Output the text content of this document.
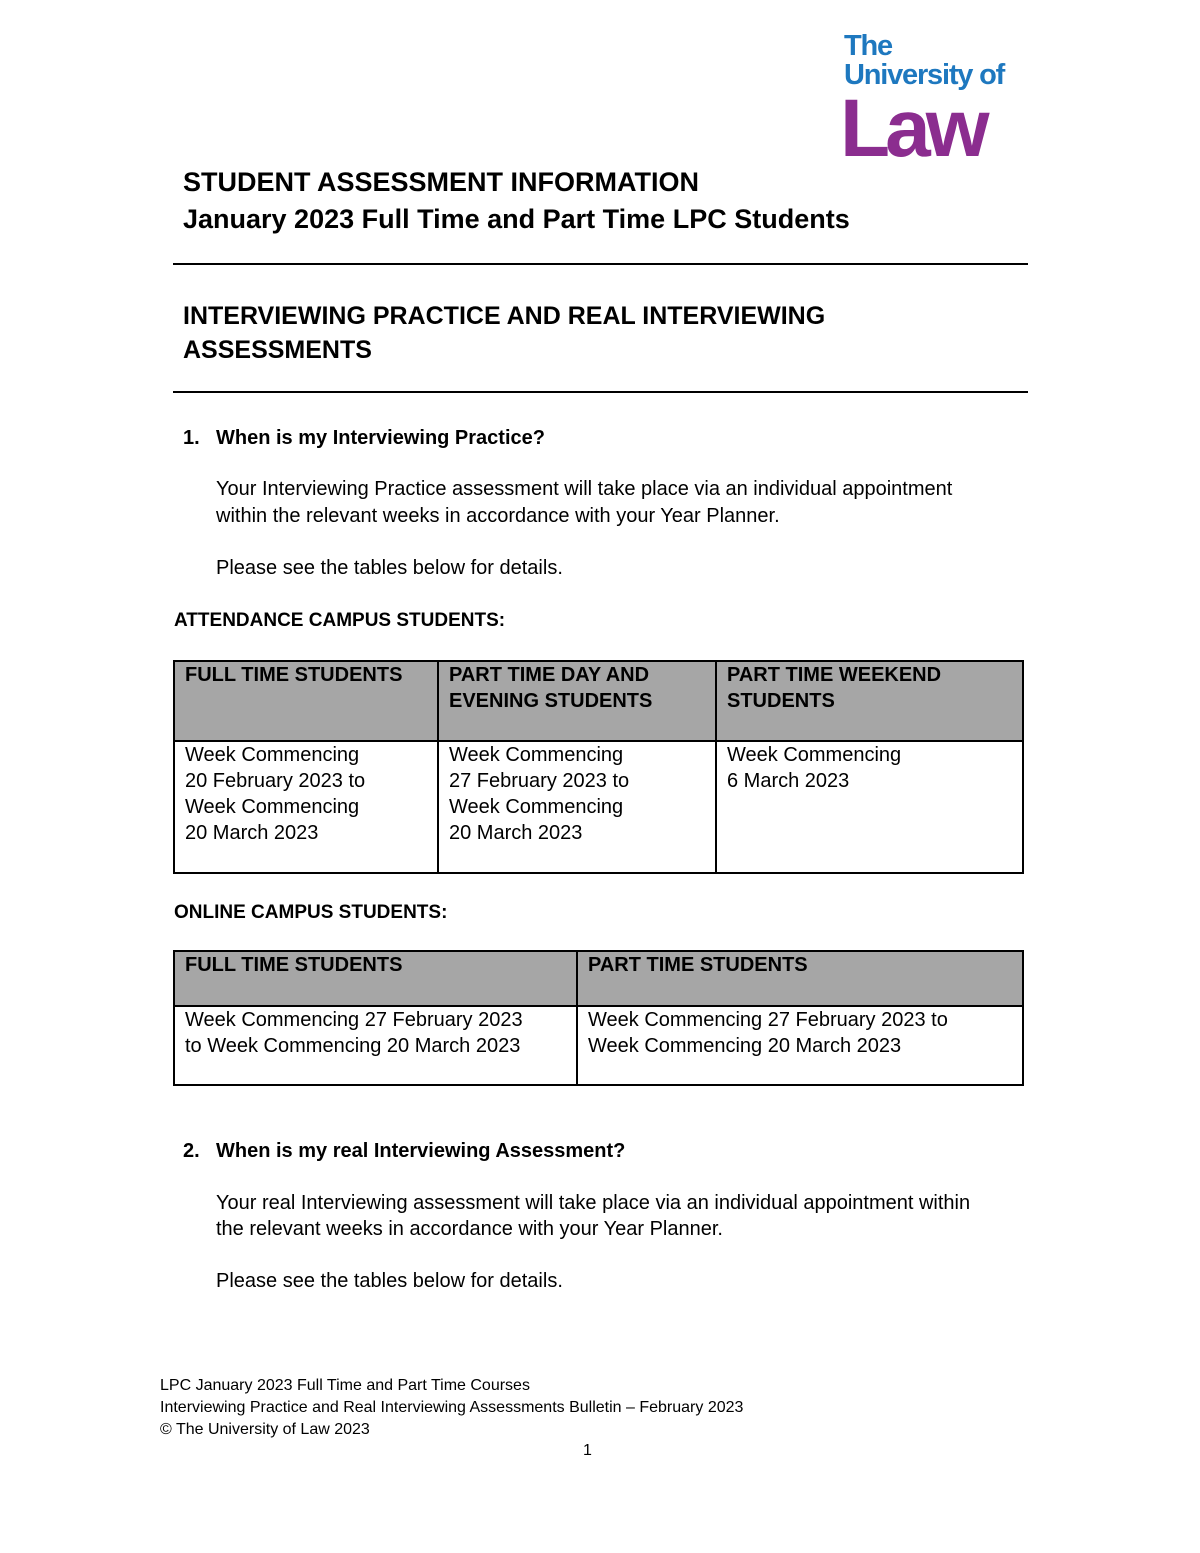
The
University of
Law
STUDENT ASSESSMENT INFORMATION
January 2023 Full Time and Part Time LPC Students
INTERVIEWING PRACTICE AND REAL INTERVIEWING
ASSESSMENTS
1. When is my Interviewing Practice?
Your Interviewing Practice assessment will take place via an individual appointment
within the relevant weeks in accordance with your Year Planner.
Please see the tables below for details.
ATTENDANCE CAMPUS STUDENTS:
FULL TIME STUDENTS	PART TIME DAY AND
EVENING STUDENTS	PART TIME WEEKEND
STUDENTS

Week Commencing
20 February 2023 to
Week Commencing
20 March 2023	Week Commencing
27 February 2023 to
Week Commencing
20 March 2023	Week Commencing
6 March 2023
ONLINE CAMPUS STUDENTS:
FULL TIME STUDENTS	PART TIME STUDENTS

Week Commencing 27 February 2023
to Week Commencing 20 March 2023	Week Commencing 27 February 2023 to
Week Commencing 20 March 2023
2. When is my real Interviewing Assessment?
Your real Interviewing assessment will take place via an individual appointment within
the relevant weeks in accordance with your Year Planner.
Please see the tables below for details.
LPC January 2023 Full Time and Part Time Courses
Interviewing Practice and Real Interviewing Assessments Bulletin – February 2023
© The University of Law 2023
1
